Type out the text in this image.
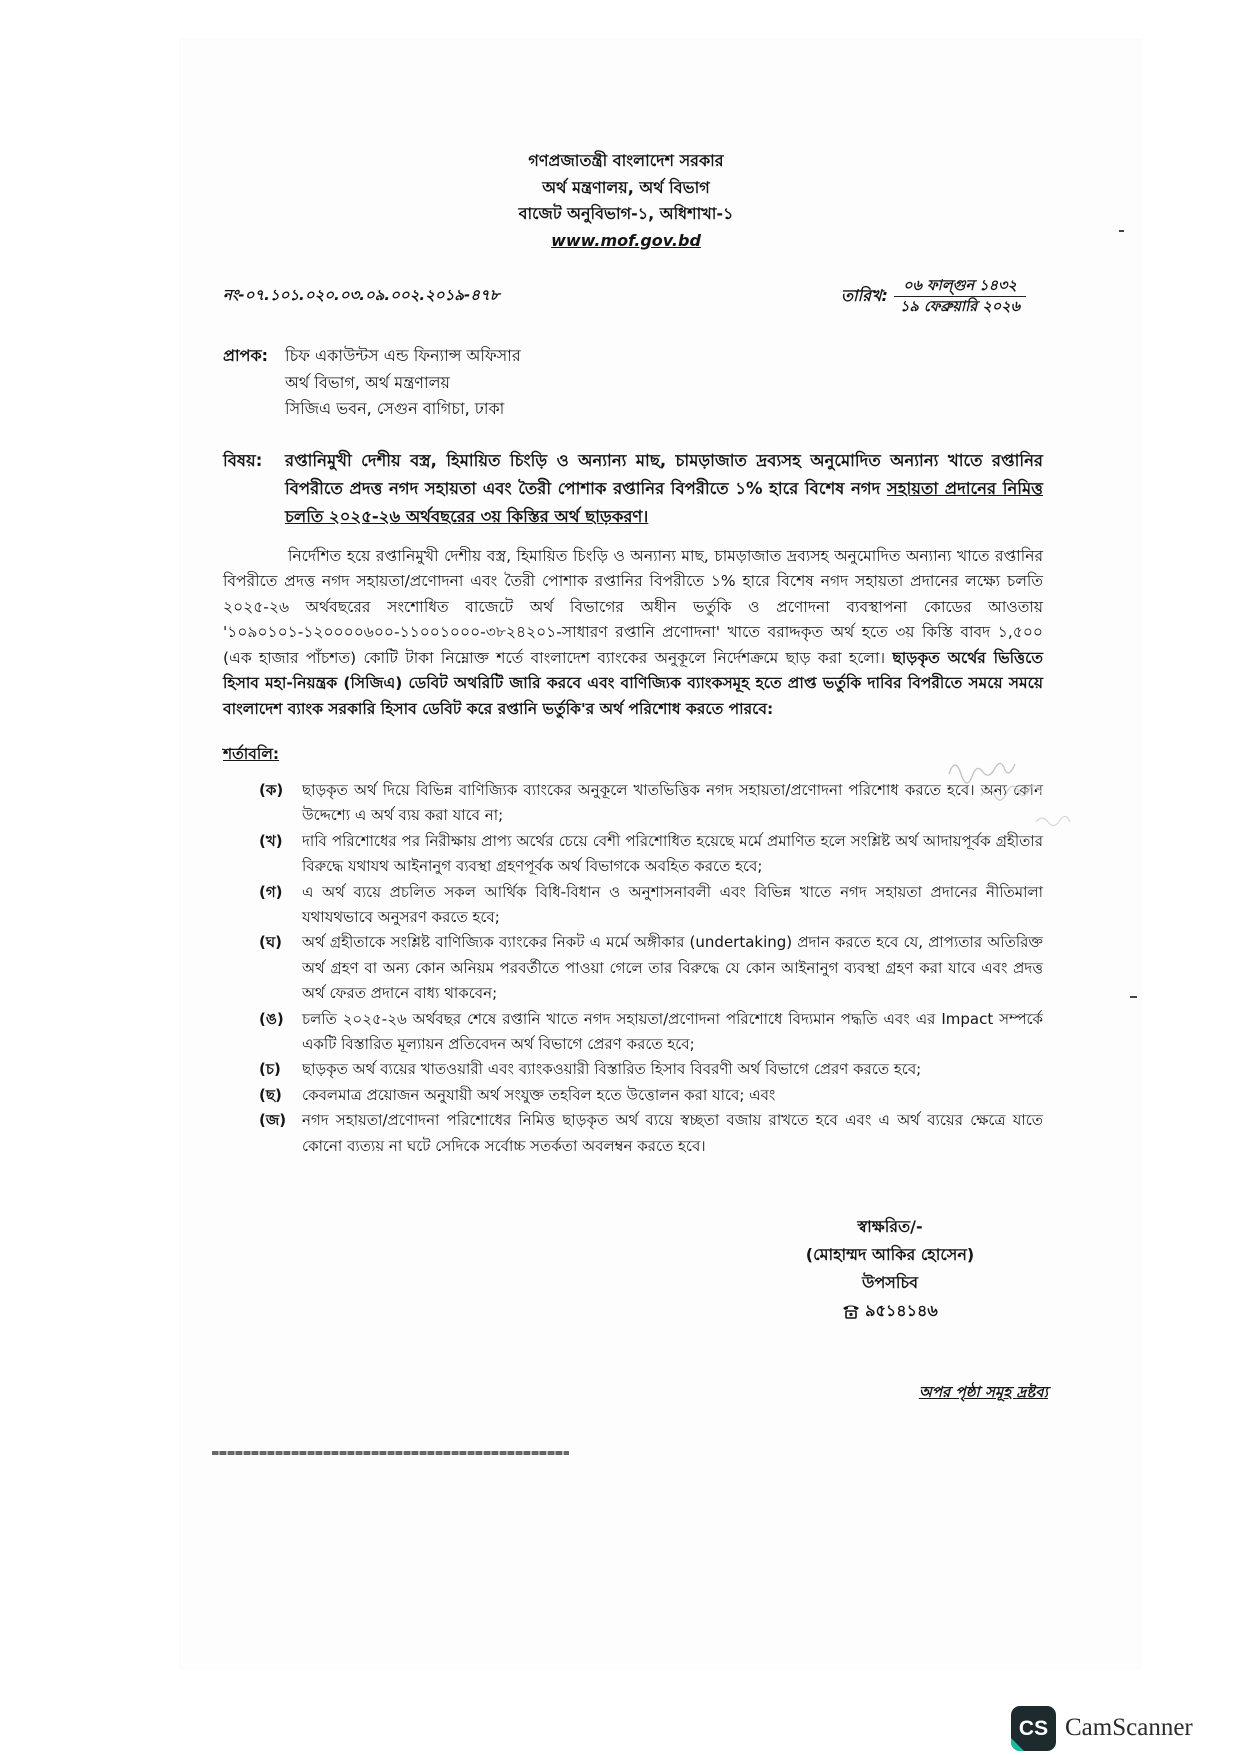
গণপ্রজাতন্ত্রী বাংলাদেশ সরকার
অর্থ মন্ত্রণালয়, অর্থ বিভাগ
বাজেট অনুবিভাগ-১, অধিশাখা-১
www.mof.gov.bd
নং-০৭.১০১.০২০.০৩.০৯.০০২.২০১৯-৪৭৮	তারিখ:	০৬ ফাল্গুন ১৪৩২
১৯ ফেব্রুয়ারি ২০২৬
প্রাপক:	চিফ একাউন্টস এন্ড ফিন্যান্স অফিসার
অর্থ বিভাগ, অর্থ মন্ত্রণালয়
সিজিএ ভবন, সেগুন বাগিচা, ঢাকা
বিষয়:	রপ্তানিমুখী দেশীয় বস্ত্র, হিমায়িত চিংড়ি ও অন্যান্য মাছ, চামড়াজাত দ্রব্যসহ অনুমোদিত অন্যান্য খাতে রপ্তানির বিপরীতে প্রদত্ত নগদ সহায়তা এবং তৈরী পোশাক রপ্তানির বিপরীতে ১% হারে বিশেষ নগদ সহায়তা প্রদানের নিমিত্ত চলতি ২০২৫-২৬ অর্থবছরের ৩য় কিস্তির অর্থ ছাড়করণ।
নির্দেশিত হয়ে রপ্তানিমুখী দেশীয় বস্ত্র, হিমায়িত চিংড়ি ও অন্যান্য মাছ, চামড়াজাত দ্রব্যসহ অনুমোদিত অন্যান্য খাতে রপ্তানির বিপরীতে প্রদত্ত নগদ সহায়তা/প্রণোদনা এবং তৈরী পোশাক রপ্তানির বিপরীতে ১% হারে বিশেষ নগদ সহায়তা প্রদানের লক্ষ্যে চলতি ২০২৫-২৬ অর্থবছরের সংশোধিত বাজেটে অর্থ বিভাগের অধীন ভর্তুকি ও প্রণোদনা ব্যবস্থাপনা কোডের আওতায় '১০৯০১০১-১২০০০০৬০০-১১০০১০০০-৩৮২৪২০১-সাধারণ রপ্তানি প্রণোদনা' খাতে বরাদ্দকৃত অর্থ হতে ৩য় কিস্তি বাবদ ১,৫০০ (এক হাজার পাঁচশত) কোটি টাকা নিম্নোক্ত শর্তে বাংলাদেশ ব্যাংকের অনুকূলে নির্দেশক্রমে ছাড় করা হলো। ছাড়কৃত অর্থের ভিত্তিতে হিসাব মহা-নিয়ন্ত্রক (সিজিএ) ডেবিট অথরিটি জারি করবে এবং বাণিজ্যিক ব্যাংকসমূহ হতে প্রাপ্ত ভর্তুকি দাবির বিপরীতে সময়ে সময়ে বাংলাদেশ ব্যাংক সরকারি হিসাব ডেবিট করে রপ্তানি ভর্তুকি'র অর্থ পরিশোধ করতে পারবে:
শর্তাবলি:
(ক) ছাড়কৃত অর্থ দিয়ে বিভিন্ন বাণিজ্যিক ব্যাংকের অনুকূলে খাতভিত্তিক নগদ সহায়তা/প্রণোদনা পরিশোধ করতে হবে। অন্য কোন উদ্দেশ্যে এ অর্থ ব্যয় করা যাবে না;
(খ) দাবি পরিশোধের পর নিরীক্ষায় প্রাপ্য অর্থের চেয়ে বেশী পরিশোধিত হয়েছে মর্মে প্রমাণিত হলে সংশ্লিষ্ট অর্থ আদায়পূর্বক গ্রহীতার বিরুদ্ধে যথাযথ আইনানুগ ব্যবস্থা গ্রহণপূর্বক অর্থ বিভাগকে অবহিত করতে হবে;
(গ) এ অর্থ ব্যয়ে প্রচলিত সকল আর্থিক বিধি-বিধান ও অনুশাসনাবলী এবং বিভিন্ন খাতে নগদ সহায়তা প্রদানের নীতিমালা যথাযথভাবে অনুসরণ করতে হবে;
(ঘ) অর্থ গ্রহীতাকে সংশ্লিষ্ট বাণিজ্যিক ব্যাংকের নিকট এ মর্মে অঙ্গীকার (undertaking) প্রদান করতে হবে যে, প্রাপ্যতার অতিরিক্ত অর্থ গ্রহণ বা অন্য কোন অনিয়ম পরবর্তীতে পাওয়া গেলে তার বিরুদ্ধে যে কোন আইনানুগ ব্যবস্থা গ্রহণ করা যাবে এবং প্রদত্ত অর্থ ফেরত প্রদানে বাধ্য থাকবেন;
(ঙ) চলতি ২০২৫-২৬ অর্থবছর শেষে রপ্তানি খাতে নগদ সহায়তা/প্রণোদনা পরিশোধে বিদ্যমান পদ্ধতি এবং এর Impact সম্পর্কে একটি বিস্তারিত মূল্যায়ন প্রতিবেদন অর্থ বিভাগে প্রেরণ করতে হবে;
(চ) ছাড়কৃত অর্থ ব্যয়ের খাতওয়ারী এবং ব্যাংকওয়ারী বিস্তারিত হিসাব বিবরণী অর্থ বিভাগে প্রেরণ করতে হবে;
(ছ) কেবলমাত্র প্রয়োজন অনুযায়ী অর্থ সংযুক্ত তহবিল হতে উত্তোলন করা যাবে; এবং
(জ) নগদ সহায়তা/প্রণোদনা পরিশোধের নিমিত্ত ছাড়কৃত অর্থ ব্যয়ে স্বচ্ছতা বজায় রাখতে হবে এবং এ অর্থ ব্যয়ের ক্ষেত্রে যাতে কোনো ব্যত্যয় না ঘটে সেদিকে সর্বোচ্চ সতর্কতা অবলম্বন করতে হবে।
স্বাক্ষরিত/-
(মোহাম্মদ আকির হোসেন)
উপসচিব
৯৫১৪১৪৬
অপর পৃষ্ঠা সমূহ দ্রষ্টব্য
CS CamScanner
